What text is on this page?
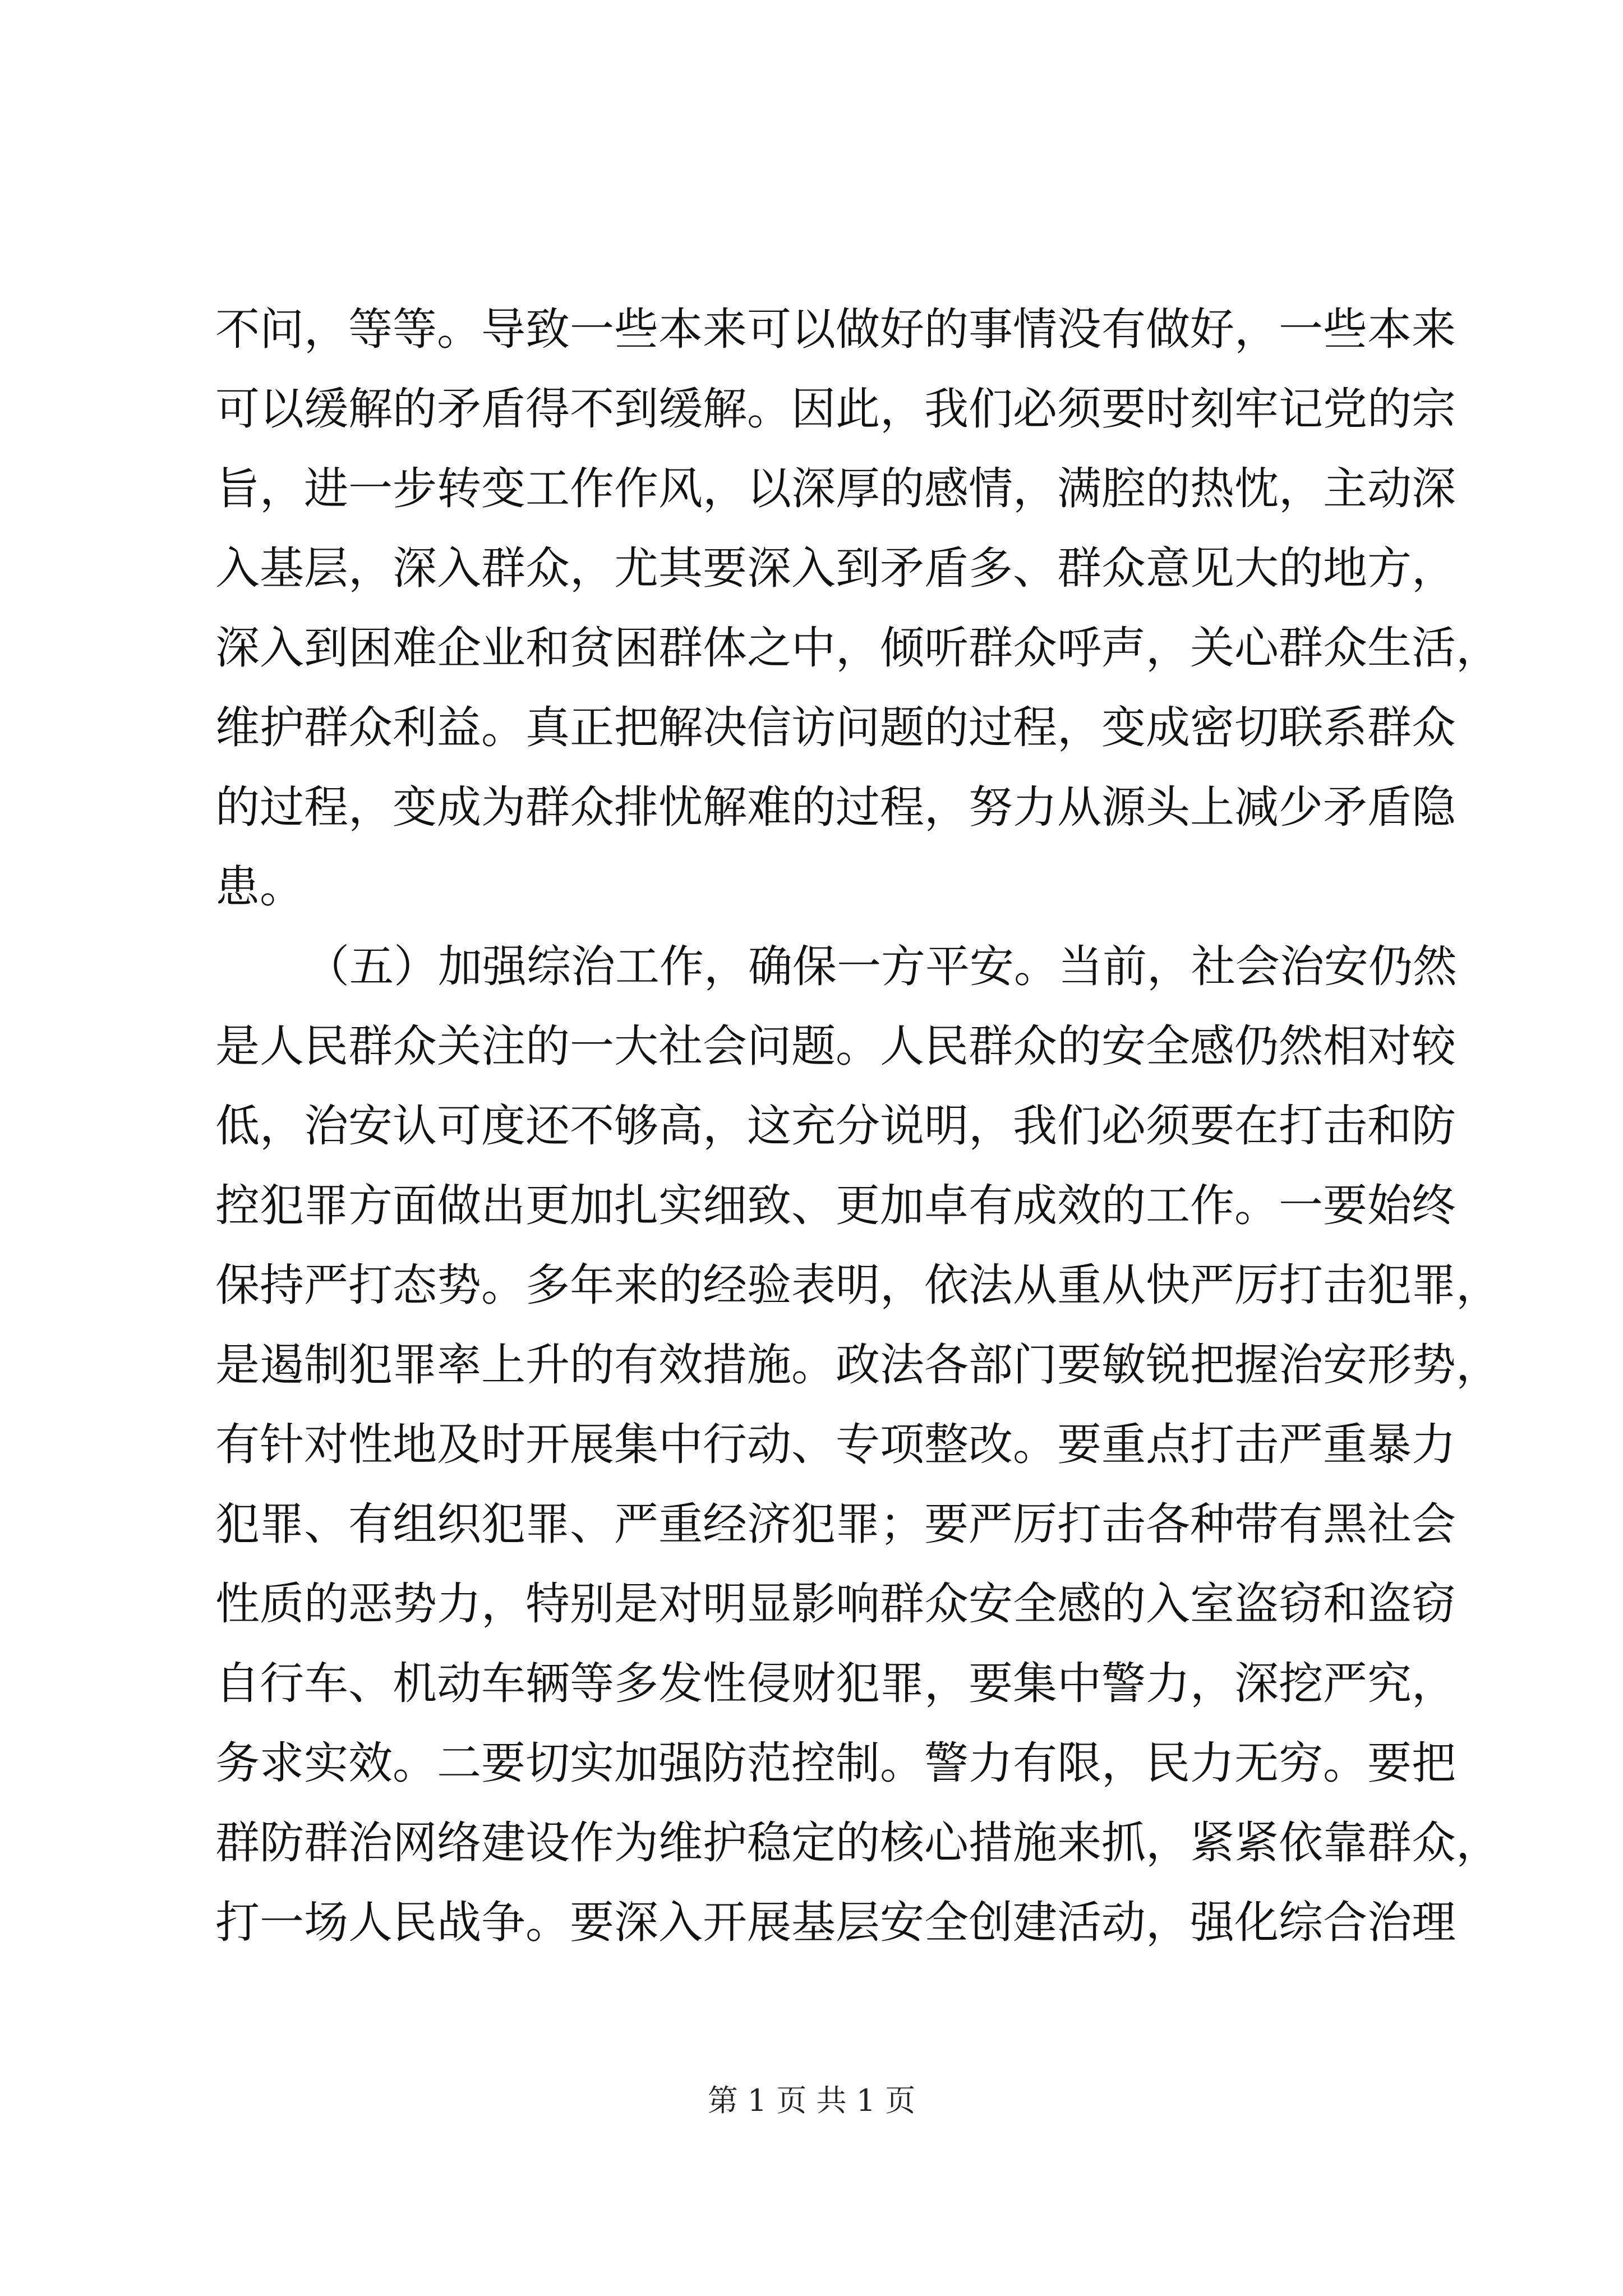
不问，等等。导致一些本来可以做好的事情没有做好，一些本来
可以缓解的矛盾得不到缓解。因此，我们必须要时刻牢记党的宗
旨，进一步转变工作作风，以深厚的感情，满腔的热忱，主动深
入基层，深入群众，尤其要深入到矛盾多、群众意见大的地方，
深入到困难企业和贫困群体之中，倾听群众呼声，关心群众生活，
维护群众利益。真正把解决信访问题的过程，变成密切联系群众
的过程，变成为群众排忧解难的过程，努力从源头上减少矛盾隐
患。
（五）加强综治工作，确保一方平安。当前，社会治安仍然
是人民群众关注的一大社会问题。人民群众的安全感仍然相对较
低，治安认可度还不够高，这充分说明，我们必须要在打击和防
控犯罪方面做出更加扎实细致、更加卓有成效的工作。一要始终
保持严打态势。多年来的经验表明，依法从重从快严厉打击犯罪，
是遏制犯罪率上升的有效措施。政法各部门要敏锐把握治安形势，
有针对性地及时开展集中行动、专项整改。要重点打击严重暴力
犯罪、有组织犯罪、严重经济犯罪；要严厉打击各种带有黑社会
性质的恶势力，特别是对明显影响群众安全感的入室盗窃和盗窃
自行车、机动车辆等多发性侵财犯罪，要集中警力，深挖严究，
务求实效。二要切实加强防范控制。警力有限，民力无穷。要把
群防群治网络建设作为维护稳定的核心措施来抓，紧紧依靠群众，
打一场人民战争。要深入开展基层安全创建活动，强化综合治理
第 1 页 共 1 页
